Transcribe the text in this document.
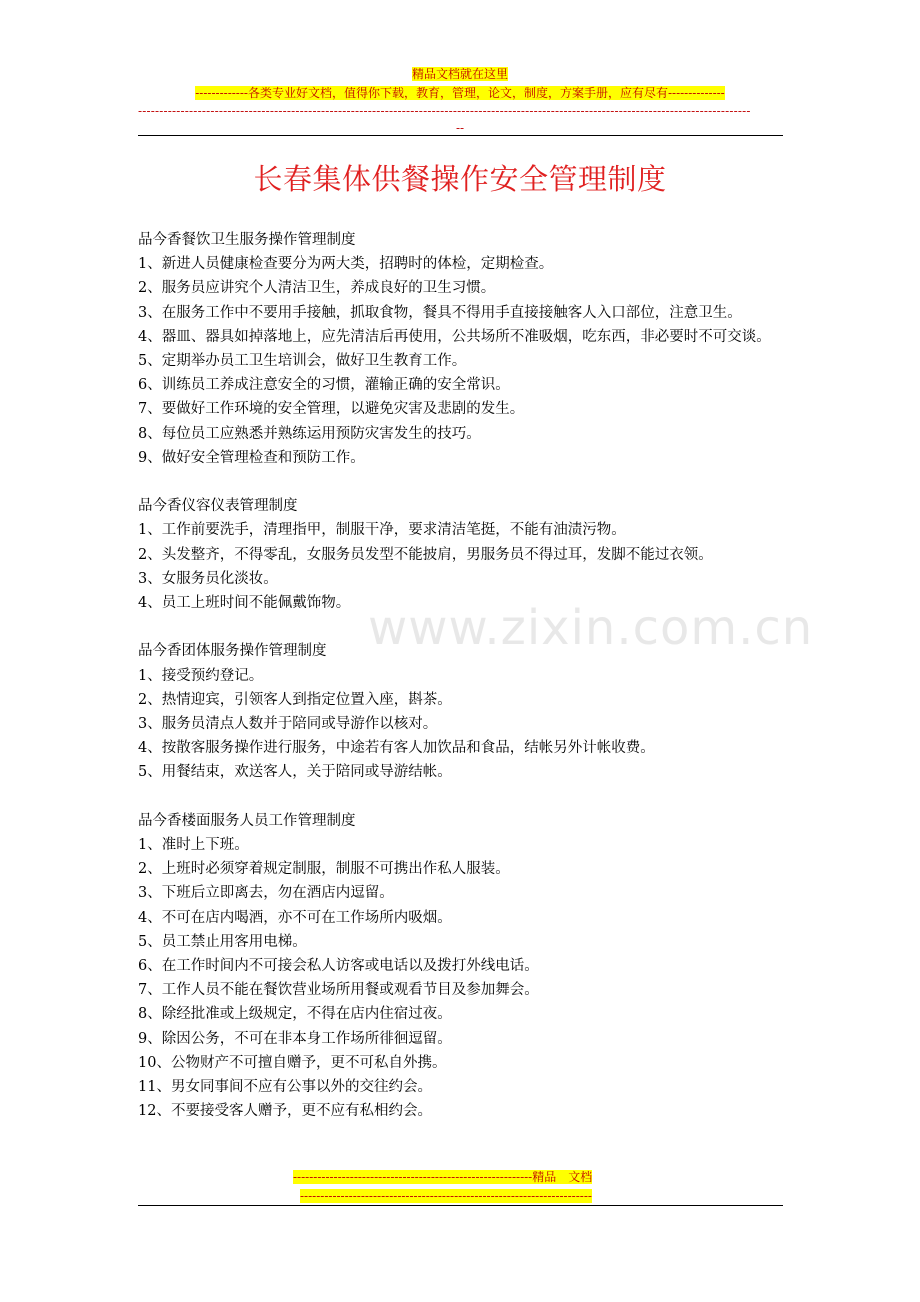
精品文档就在这里
-------------各类专业好文档，值得你下载，教育，管理，论文，制度，方案手册，应有尽有--------------
------------------------------------------------------------------------------------------------------------------------------------------------
--
长春集体供餐操作安全管理制度
www.zixin.com.cn

品今香餐饮卫生服务操作管理制度

1、新进人员健康检查要分为两大类，招聘时的体检，定期检查。

2、服务员应讲究个人清洁卫生，养成良好的卫生习惯。

3、在服务工作中不要用手接触，抓取食物，餐具不得用手直接接触客人入口部位，注意卫生。

4、器皿、器具如掉落地上，应先清洁后再使用，公共场所不准吸烟，吃东西，非必要时不可交谈。

5、定期举办员工卫生培训会，做好卫生教育工作。

6、训练员工养成注意安全的习惯，灌输正确的安全常识。

7、要做好工作环境的安全管理，以避免灾害及悲剧的发生。

8、每位员工应熟悉并熟练运用预防灾害发生的技巧。

9、做好安全管理检查和预防工作。

品今香仪容仪表管理制度

1、工作前要洗手，清理指甲，制服干净，要求清洁笔挺，不能有油渍污物。

2、头发整齐，不得零乱，女服务员发型不能披肩，男服务员不得过耳，发脚不能过衣领。

3、女服务员化淡妆。

4、员工上班时间不能佩戴饰物。

品今香团体服务操作管理制度

1、接受预约登记。

2、热情迎宾，引领客人到指定位置入座，斟茶。

3、服务员清点人数并于陪同或导游作以核对。

4、按散客服务操作进行服务，中途若有客人加饮品和食品，结帐另外计帐收费。

5、用餐结束，欢送客人，关于陪同或导游结帐。

品今香楼面服务人员工作管理制度

1、准时上下班。

2、上班时必须穿着规定制服，制服不可携出作私人服装。

3、下班后立即离去，勿在酒店内逗留。

4、不可在店内喝酒，亦不可在工作场所内吸烟。

5、员工禁止用客用电梯。

6、在工作时间内不可接会私人访客或电话以及拨打外线电话。

7、工作人员不能在餐饮营业场所用餐或观看节目及参加舞会。

8、除经批准或上级规定，不得在店内住宿过夜。

9、除因公务，不可在非本身工作场所徘徊逗留。

10、公物财产不可擅自赠予，更不可私自外携。

11、男女同事间不应有公事以外的交往约会。

12、不要接受客人赠予，更不应有私相约会。

-----------------------------------------------------------精品　文档
------------------------------------------------------------------------
